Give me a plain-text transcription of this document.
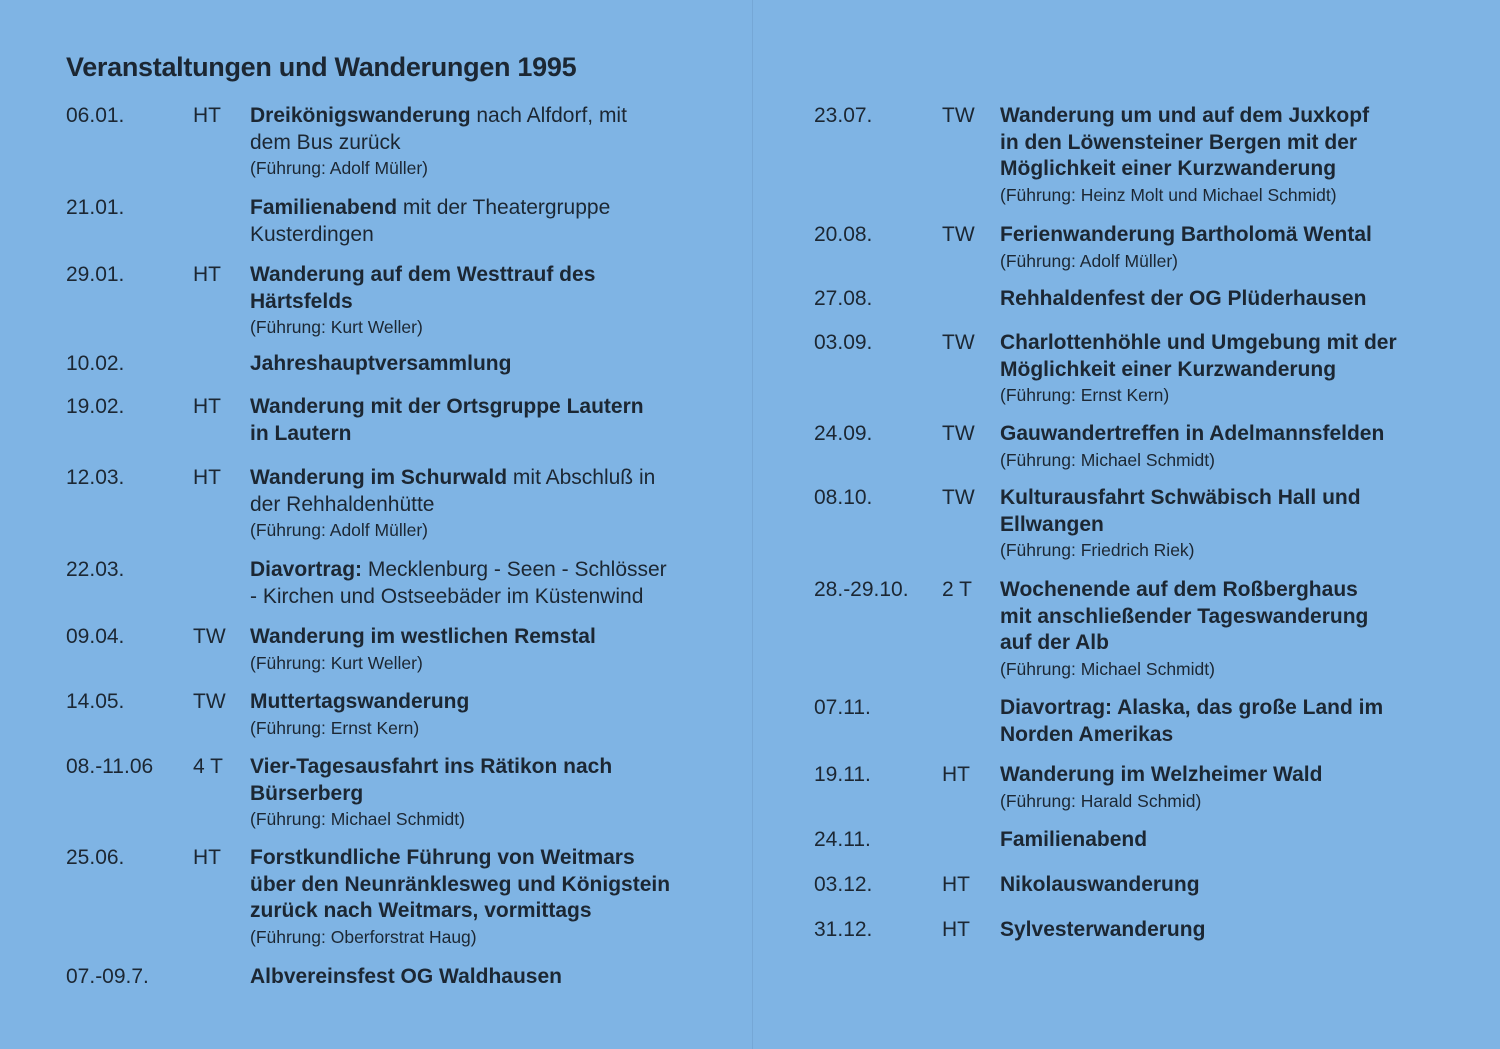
Veranstaltungen und Wanderungen 1995
06.01.	HT Dreikönigswanderung nach Alfdorf, mit
dem Bus zurück
(Führung: Adolf Müller)
21.01.	Familienabend mit der Theatergruppe
Kusterdingen
29.01.	HT Wanderung auf dem Westtrauf des
Härtsfelds
(Führung: Kurt Weller)
10.02.	Jahreshauptversammlung
19.02.	HT Wanderung mit der Ortsgruppe Lautern
in Lautern
12.03.	HT Wanderung im Schurwald mit Abschluß in
der Rehhaldenhütte
(Führung: Adolf Müller)
22.03.	Diavortrag: Mecklenburg - Seen - Schlösser
- Kirchen und Ostseebäder im Küstenwind
09.04.	TW Wanderung im westlichen Remstal
(Führung: Kurt Weller)
14.05.	TW Muttertagswanderung
(Führung: Ernst Kern)
08.-11.06 4 T Vier-Tagesausfahrt ins Rätikon nach
Bürserberg
(Führung: Michael Schmidt)
25.06.	HT Forstkundliche Führung von Weitmars
über den Neunränklesweg und Königstein
zurück nach Weitmars, vormittags
(Führung: Oberforstrat Haug)
07.-09.7.	Albvereinsfest OG Waldhausen
23.07.	TW Wanderung um und auf dem Juxkopf
in den Löwensteiner Bergen mit der
Möglichkeit einer Kurzwanderung
(Führung: Heinz Molt und Michael Schmidt)
20.08.	TW Ferienwanderung Bartholomä Wental
(Führung: Adolf Müller)
27.08.	Rehhaldenfest der OG Plüderhausen
03.09.	TW Charlottenhöhle und Umgebung mit der
Möglichkeit einer Kurzwanderung
(Führung: Ernst Kern)
24.09.	TW Gauwandertreffen in Adelmannsfelden
(Führung: Michael Schmidt)
08.10.	TW Kulturausfahrt Schwäbisch Hall und
Ellwangen
(Führung: Friedrich Riek)
28.-29.10. 2 T Wochenende auf dem Roßberghaus
mit anschließender Tageswanderung
auf der Alb
(Führung: Michael Schmidt)
07.11.	Diavortrag: Alaska, das große Land im
Norden Amerikas
19.11.	HT Wanderung im Welzheimer Wald
(Führung: Harald Schmid)
24.11.	Familienabend
03.12.	HT Nikolauswanderung
31.12.	HT Sylvesterwanderung
